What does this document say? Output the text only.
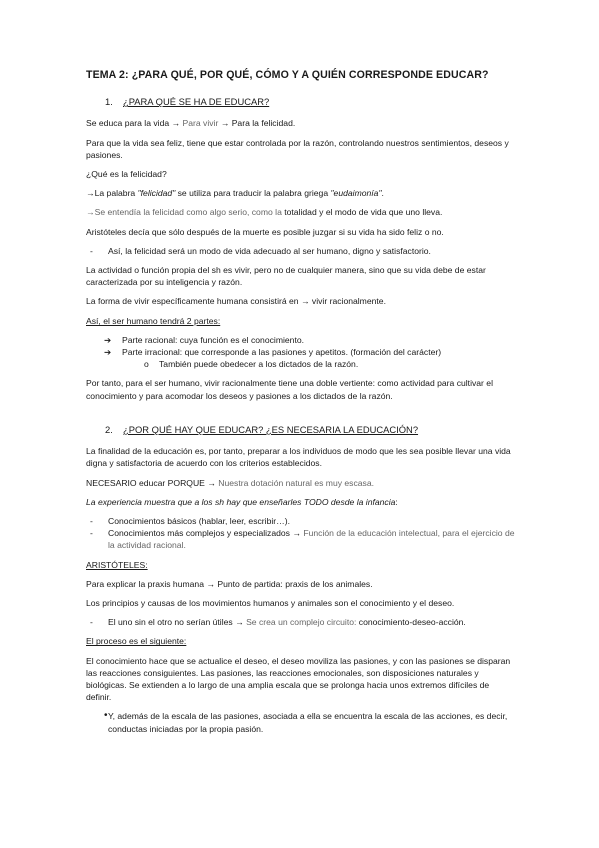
TEMA 2: ¿PARA QUÉ, POR QUÉ, CÓMO Y A QUIÉN CORRESPONDE EDUCAR?
1. ¿PARA QUÉ SE HA DE EDUCAR?

Se educa para la vida → Para vivir → Para la felicidad.

Para que la vida sea feliz, tiene que estar controlada por la razón, controlando nuestros sentimientos, deseos y pasiones.

¿Qué es la felicidad?

→La palabra "felicidad" se utiliza para traducir la palabra griega "eudaimonía".

→Se entendía la felicidad como algo serio, como la totalidad y el modo de vida que uno lleva.

Aristóteles decía que sólo después de la muerte es posible juzgar si su vida ha sido feliz o no.

- Así, la felicidad será un modo de vida adecuado al ser humano, digno y satisfactorio.

La actividad o función propia del sh es vivir, pero no de cualquier manera, sino que su vida debe de estar caracterizada por su inteligencia y razón.

La forma de vivir específicamente humana consistirá en → vivir racionalmente.

Así, el ser humano tendrá 2 partes:

➔ Parte racional: cuya función es el conocimiento.
➔ Parte irracional: que corresponde a las pasiones y apetitos. (formación del carácter)
o También puede obedecer a los dictados de la razón.

Por tanto, para el ser humano, vivir racionalmente tiene una doble vertiente: como actividad para cultivar el conocimiento y para acomodar los deseos y pasiones a los dictados de la razón.

2. ¿POR QUÉ HAY QUE EDUCAR? ¿ES NECESARIA LA EDUCACIÓN?

La finalidad de la educación es, por tanto, preparar a los individuos de modo que les sea posible llevar una vida digna y satisfactoria de acuerdo con los criterios establecidos.

NECESARIO educar PORQUE → Nuestra dotación natural es muy escasa.

La experiencia muestra que a los sh hay que enseñarles TODO desde la infancia:

- Conocimientos básicos (hablar, leer, escribir…).
- Conocimientos más complejos y especializados → Función de la educación intelectual, para el ejercicio de la actividad racional.

ARISTÓTELES:

Para explicar la praxis humana → Punto de partida: praxis de los animales.

Los principios y causas de los movimientos humanos y animales son el conocimiento y el deseo.

- El uno sin el otro no serían útiles → Se crea un complejo circuito: conocimiento-deseo-acción.

El proceso es el siguiente:

El conocimiento hace que se actualice el deseo, el deseo moviliza las pasiones, y con las pasiones se disparan las reacciones consiguientes. Las pasiones, las reacciones emocionales, son disposiciones naturales y biológicas. Se extienden a lo largo de una amplia escala que se prolonga hacia unos extremos difíciles de definir.

• Y, además de la escala de las pasiones, asociada a ella se encuentra la escala de las acciones, es decir, conductas iniciadas por la propia pasión.
